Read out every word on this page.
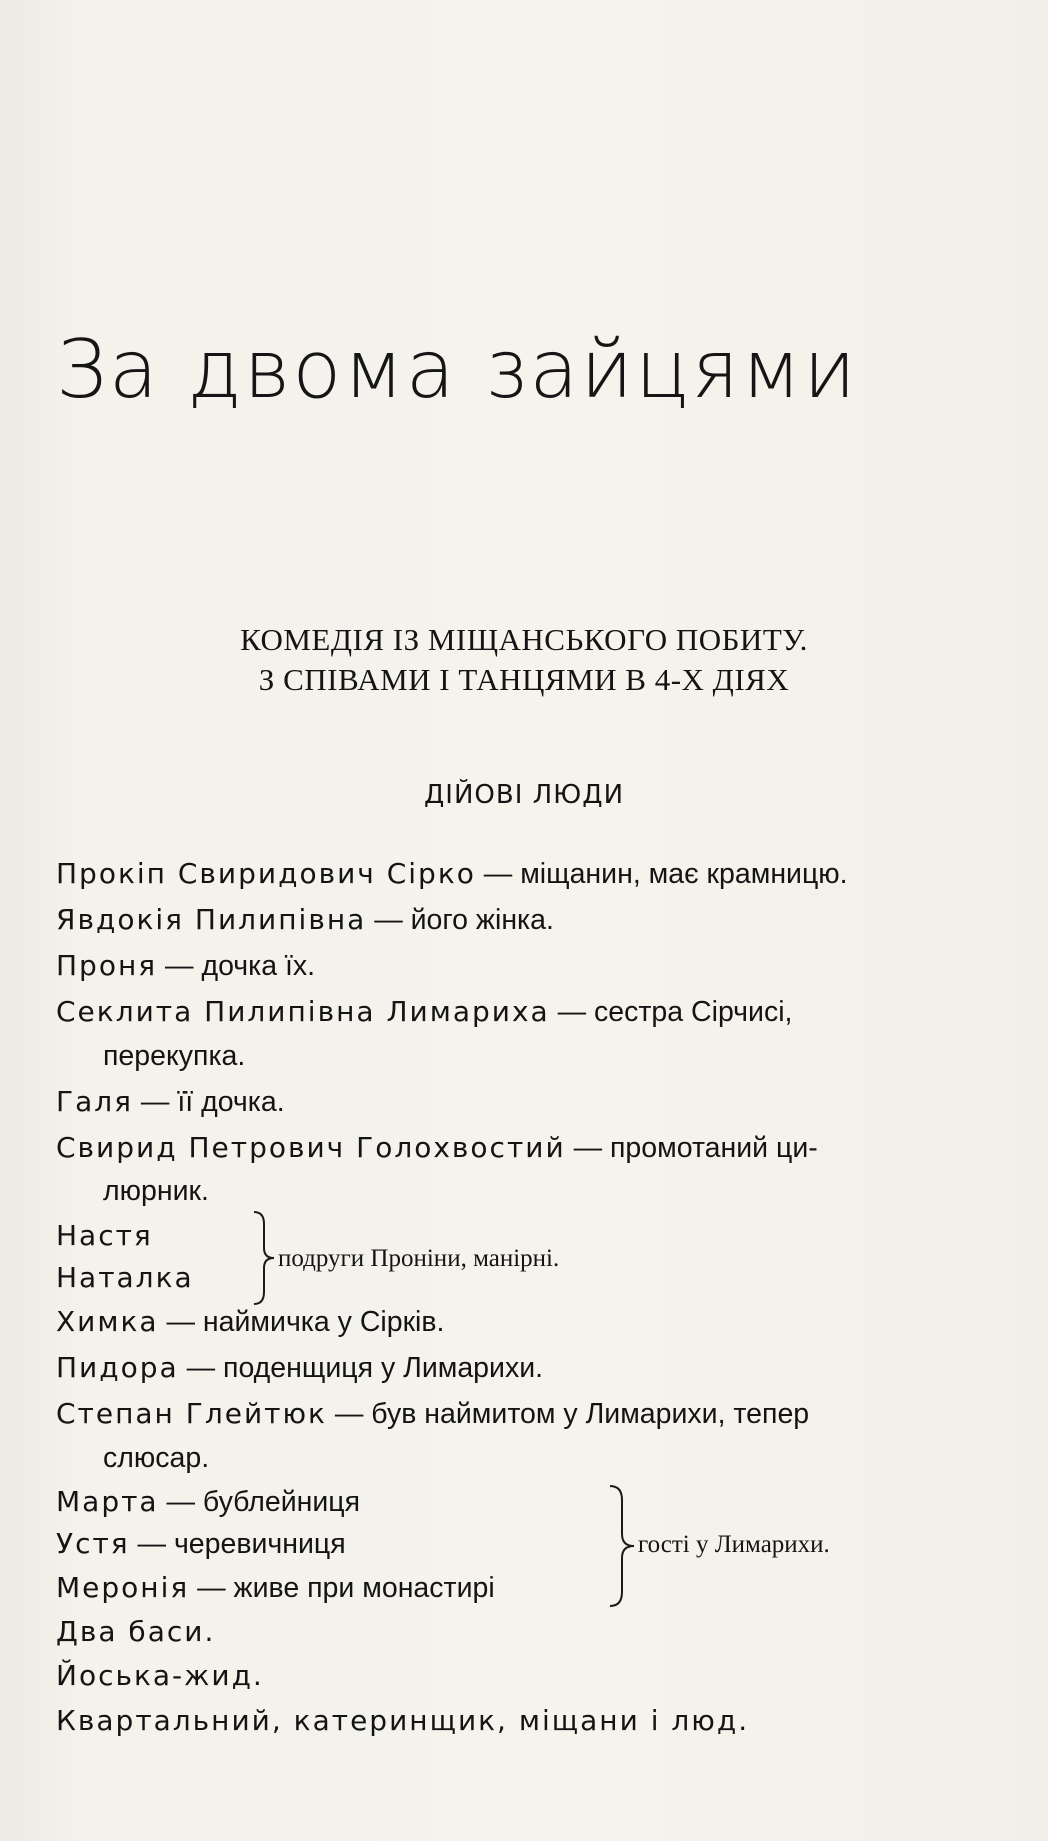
За двома зайцями
КОМЕДІЯ ІЗ МІЩАНСЬКОГО ПОБИТУ.
З СПІВАМИ І ТАНЦЯМИ В 4-Х ДІЯХ
ДІЙОВІ ЛЮДИ
Прокіп Свиридович Сірко — міщанин, має крамницю.
Явдокія Пилипівна — його жінка.
Проня — дочка їх.
Секлита Пилипівна Лимариха — сестра Сірчисі,
перекупка.
Галя — її дочка.
Свирид Петрович Голохвостий — промотаний ци-
люрник.
Настя
Наталка
Химка — наймичка у Сірків.
Пидора — поденщиця у Лимарихи.
Степан Глейтюк — був наймитом у Лимарихи, тепер
слюсар.
Марта — бублейниця
Устя — черевичниця
Меронія — живе при монастирі
Два баси.
Йоська-жид.
Квартальний, катеринщик, міщани і люд.
подруги Проніни, манірні.
гості у Лимарихи.
